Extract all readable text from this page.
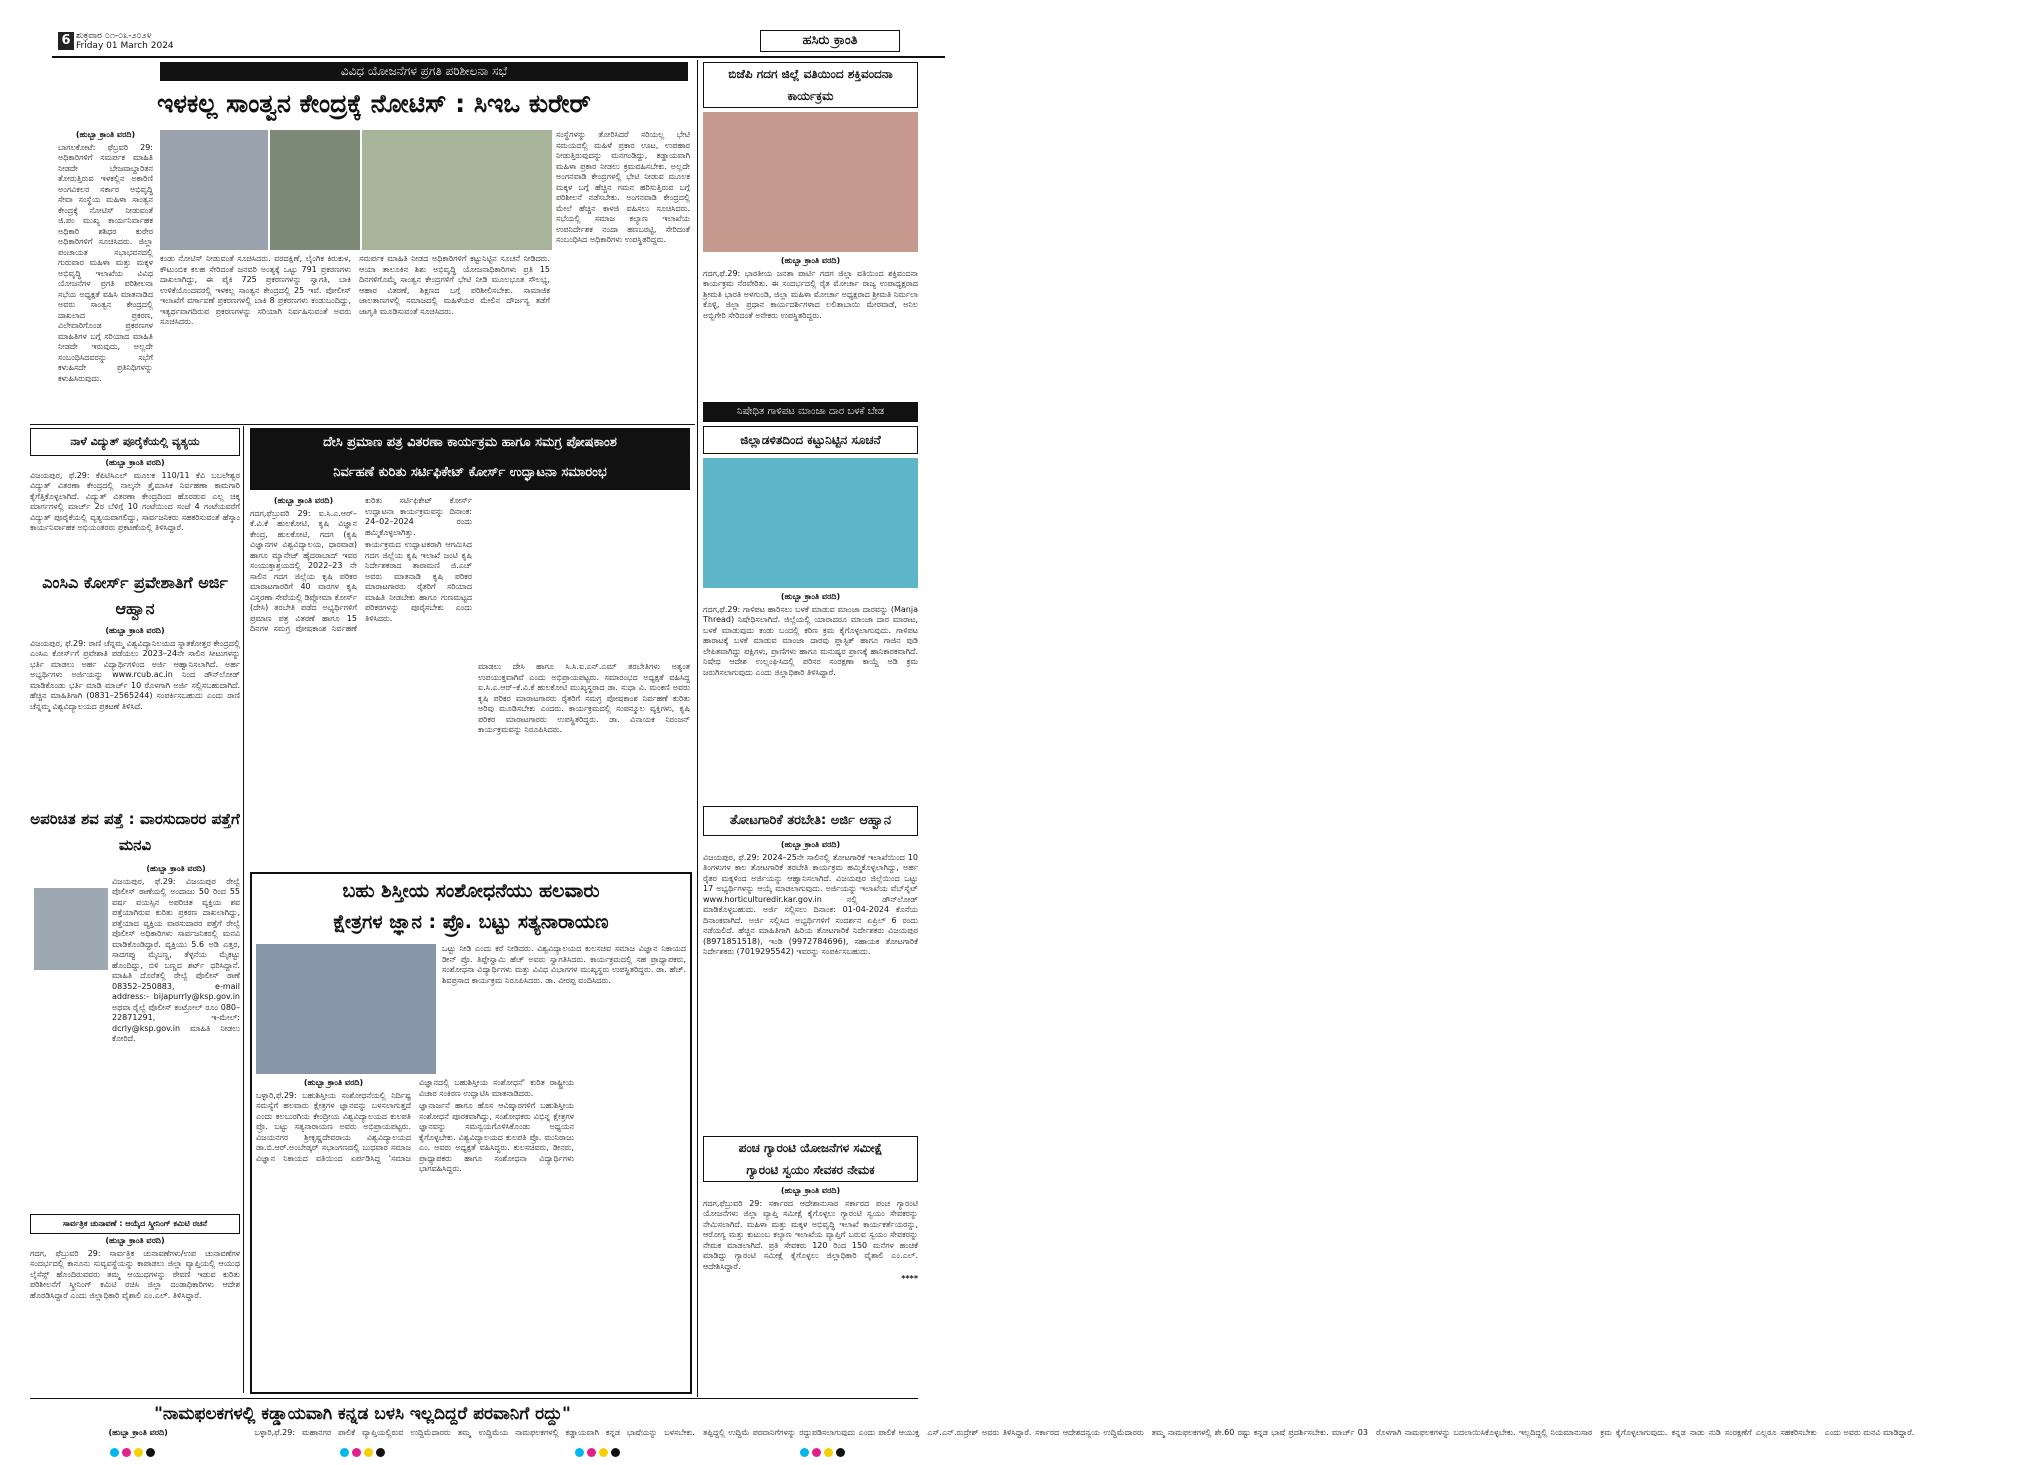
6 ಶುಕ್ರವಾರ ೦೧-೦೩-೨೦೨೪
Friday 01 March 2024	ಹಸಿರು ಕ್ರಾಂತಿ
ವಿವಿಧ ಯೋಜನೆಗಳ ಪ್ರಗತಿ ಪರಿಶೀಲನಾ ಸಭೆ
ಇಳಕಲ್ಲ ಸಾಂತ್ವನ ಕೇಂದ್ರಕ್ಕೆ ನೋಟಿಸ್ : ಸಿಇಒ ಕುರೇರ್
(ಹುಬ್ಬಾ ಕ್ರಾಂತಿ ವರದಿ)

ಬಾಗಲಕೋಟೆ: ಫೆಬ್ರವರಿ 29: ಅಧಿಕಾರಿಗಳಿಗೆ ಸಮರ್ಪಕ ಮಾಹಿತಿ ನೀಡದೇ ಬೇಜವಾಬ್ದಾರಿತನ ತೋರುತ್ತಿರುವ ಇಳಕಲ್ಲಿನ ಅಕಾರಿಣಿ ಅಂಗವಿಕಲರ ಸರ್ಕಾರ ಅಭಿವೃದ್ಧಿ ಸೇವಾ ಸಂಸ್ಥೆಯ ಮಹಿಳಾ ಸಾಂತ್ವನ ಕೇಂದ್ರಕ್ಕೆ ನೋಟಿಸ್ ನೀಡುವಂತೆ ಜಿ.ಪಂ ಮುಖ್ಯ ಕಾರ್ಯನಿರ್ವಾಹಕ ಅಧಿಕಾರಿ ಶಶಿಧರ ಕುರೇರ ಅಧಿಕಾರಿಗಳಿಗೆ ಸೂಚಿಸಿದರು. ಜಿಲ್ಲಾ ಪಂಚಾಯತ ಸಭಾಭವನದಲ್ಲಿ ಗುರುವಾರ ಮಹಿಳಾ ಮತ್ತು ಮಕ್ಕಳ ಅಭಿವೃದ್ಧಿ ಇಲಾಖೆಯ ವಿವಿಧ ಯೋಜನೆಗಳ ಪ್ರಗತಿ ಪರಿಶೀಲನಾ ಸಭೆಯ ಅಧ್ಯಕ್ಷತೆ ವಹಿಸಿ ಮಾತನಾಡಿದ ಅವರು ಸಾಂತ್ವನ ಕೇಂದ್ರದಲ್ಲಿ ದಾಖಲಾದ ಪ್ರಕರಣ, ವಿಲೇವಾರಿಗೊಂಡ ಪ್ರಕರಣಗಳ ಮಾಹಿತಿಗಳ ಬಗ್ಗೆ ಸರಿಯಾದ ಮಾಹಿತಿ ನೀಡದೇ ಇರುವುದು, ಅಲ್ಲದೇ ಸಂಬಂಧಿಸಿದವರನ್ನು ಸಭೆಗೆ ಕಳುಹಿಸದೇ ಪ್ರತಿನಿಧಿಗಳನ್ನು ಕಳುಹಿಸಿರುವುದು.

ಕಂಡು ನೋಟಿಸ್ ನೀಡುವಂತೆ ಸೂಚಿಸಿದರು. ವರದಕ್ಷಿಣೆ, ಲೈಂಗಿಕ ಕಿರುಕುಳ, ಕೌಟುಂಬಿಕ ಕಲಹ ಸೇರಿದಂತೆ ಜನವರಿ ಅಂತ್ಯಕ್ಕೆ ಒಟ್ಟು 791 ಪ್ರಕರಣಗಳು ದಾಖಲಾಗಿದ್ದು, ಈ ಪೈಕಿ 725 ಪ್ರಕರಣಗಳನ್ನು ಸ್ವಾಗತಿ, ಬಾಕಿ ಉಳಿಕೆಯೊಂದವರಲ್ಲಿ ಇಳಕಲ್ಲ ಸಾಂತ್ವನ ಕೇಂದ್ರದಲ್ಲಿ 25 ಇವೆ. ಪೋಲೀಸ್ ಇಲಾಖೆಗೆ ವರ್ಗಾವಣೆ ಪ್ರಕರಣಗಳಲ್ಲಿ ಬಾಕಿ 8 ಪ್ರಕರಣಗಳು ಕಂಡುಬಂದಿದ್ದು, ಇತ್ಯರ್ಥವಾಗದಿರುವ ಪ್ರಕರಣಗಳನ್ನು ಸರಿಯಾಗಿ ನಿರ್ವಹಿಸುವಂತೆ ಅವರು ಸೂಚಿಸಿದರು.

ಸಮರ್ಪಕ ಮಾಹಿತಿ ನೀಡದ ಅಧಿಕಾರಿಗಳಿಗೆ ಕಟ್ಟುನಿಟ್ಟಿನ ಸೂಚನೆ ನೀಡಿದರು. ಆಯಾ ತಾಲೂಕಿನ ಶಿಶು ಅಭಿವೃದ್ಧಿ ಯೋಜನಾಧಿಕಾರಿಗಳು ಪ್ರತಿ 15 ದಿನಗಳಿಗೊಮ್ಮೆ ಸಾಂತ್ವನ ಕೇಂದ್ರಗಳಿಗೆ ಭೇಟಿ ನೀಡಿ ಮೂಲಭೂತ ಸೌಲಭ್ಯ, ಆಹಾರ ವಿತರಣೆ, ಶಿಕ್ಷಣದ ಬಗ್ಗೆ ಪರಿಶೀಲಿಸಬೇಕು. ಸಾಮಾಜಿಕ ಜಾಲತಾಣಗಳಲ್ಲಿ ಸಮಾಜದಲ್ಲಿ ಮಹಿಳೆಯರ ಮೇಲಿನ ದೌರ್ಜನ್ಯ ತಡೆಗೆ ಜಾಗೃತಿ ಮೂಡಿಸುವಂತೆ ಸೂಚಿಸಿದರು.

ಸಂಸ್ಥೆಗಳನ್ನು ತೋರಿಸಿದರೆ ಸರಿಯಲ್ಲ ಭೇಟಿ ಸಮಯದಲ್ಲಿ ಮಹಿಳೆ ಪ್ರಕಾರ ಊಟ, ಉಪಹಾರ ನೀಡುತ್ತಿರುವುದನ್ನು ಮನಗಂಡಿದ್ದು, ಕಡ್ಡಾಯವಾಗಿ ಮಹಿಳಾ ಪ್ರಕಾರ ನೀಡಲು ಕ್ರಮವಹಿಸಬೇಕು. ಅಲ್ಲದೇ ಅಂಗನವಾಡಿ ಕೇಂದ್ರಗಳಲ್ಲಿ ಭೇಟಿ ನೀಡುವ ಮೂಲಕ ಮಕ್ಕಳ ಬಗ್ಗೆ ಹೆಚ್ಚಿನ ಗಮನ ಹರಿಸುತ್ತಿರುವ ಬಗ್ಗೆ ಪರಿಶೀಲನೆ ನಡೆಸಬೇಕು. ಅಂಗನವಾಡಿ ಕೇಂದ್ರದಲ್ಲಿ ಮೇಲೆ ಹೆಚ್ಚಿನ ಕಾಳಜಿ ವಹಿಸಲು ಸೂಚಿಸಿದರು. ಸಭೆಯಲ್ಲಿ ಸಮಾಜ ಕಲ್ಯಾಣ ಇಲಾಖೆಯ ಉಪನಿರ್ದೇಶಕ ನಂದಾ ಹಣಬರಟ್ಟಿ, ಸೇರಿದಂತೆ ಸಂಬಂಧಿಸಿದ ಅಧಿಕಾರಿಗಳು ಉಪಸ್ಥಿತರಿದ್ದರು.

ಬಿಜೆಪಿ ಗದಗ ಜಿಲ್ಲೆ ವತಿಯಿಂದ ಶಕ್ತಿವಂದನಾ ಕಾರ್ಯಕ್ರಮ
(ಹುಬ್ಬಾ ಕ್ರಾಂತಿ ವರದಿ)

ಗದಗ,ಫೆ.29: ಭಾರತೀಯ ಜನತಾ ಪಾರ್ಟಿ ಗದಗ ಜಿಲ್ಲಾ ವತಿಯಿಂದ ಶಕ್ತಿವಂದನಾ ಕಾರ್ಯಕ್ರಮ ನೆರವೇರಿತು. ಈ ಸಂದರ್ಭದಲ್ಲಿ ರೈತ ಮೋರ್ಚಾ ರಾಜ್ಯ ಉಪಾಧ್ಯಕ್ಷರಾದ ಶ್ರೀಮತಿ ಭಾರತಿ ಅಳಗುಂಡಿ, ಜಿಲ್ಲಾ ಮಹಿಳಾ ಮೋರ್ಚಾ ಅಧ್ಯಕ್ಷರಾದ ಶ್ರೀಮತಿ ನಿರ್ಮಲಾ ಕೊಳ್ಳಿ, ಜಿಲ್ಲಾ ಪ್ರಧಾನ ಕಾರ್ಯದರ್ಶಿಗಳಾದ ಲಲಿತಾಬಾಯಿ ಮೇರವಾಡೆ, ಅನಿಲ ಅಬ್ಬಿಗೇರಿ ಸೇರಿದಂತೆ ಅನೇಕರು ಉಪಸ್ಥಿತರಿದ್ದರು.

ನಿಷೇಧಿತ ಗಾಳಿಪಟ ಮಾಂಜಾ ದಾರ ಬಳಕೆ ಬೇಡ
ಜಿಲ್ಲಾಡಳಿತದಿಂದ ಕಟ್ಟುನಿಟ್ಟಿನ ಸೂಚನೆ
(ಹುಬ್ಬಾ ಕ್ರಾಂತಿ ವರದಿ)

ಗದಗ,ಫೆ.29: ಗಾಳಿಪಟ ಹಾರಿಸಲು ಬಳಕೆ ಮಾಡುವ ಮಾಂಜಾ ದಾರವನ್ನು (Manja Thread) ನಿಷೇಧಿಸಲಾಗಿದೆ. ಜಿಲ್ಲೆಯಲ್ಲಿ ಯಾರಾದರೂ ಮಾಂಜಾ ದಾರ ಮಾರಾಟ, ಬಳಕೆ ಮಾಡುವುದು ಕಂಡು ಬಂದಲ್ಲಿ ಕಠಿಣ ಕ್ರಮ ಕೈಗೊಳ್ಳಲಾಗುವುದು. ಗಾಳಿಪಟ ಹಾರಾಟಕ್ಕೆ ಬಳಕೆ ಮಾಡುವ ಮಾಂಜಾ ದಾರವು ಪ್ಲಾಸ್ಟಿಕ್ ಹಾಗೂ ಗಾಜಿನ ಪುಡಿ ಲೇಪಿತವಾಗಿದ್ದು ಪಕ್ಷಿಗಳು, ಪ್ರಾಣಿಗಳು ಹಾಗೂ ಮನುಷ್ಯರ ಪ್ರಾಣಕ್ಕೆ ಹಾನಿಕಾರಕವಾಗಿದೆ. ನಿಷೇಧ ಆದೇಶ ಉಲ್ಲಂಘಿಸಿದಲ್ಲಿ ಪರಿಸರ ಸಂರಕ್ಷಣಾ ಕಾಯ್ದೆ ಅಡಿ ಕ್ರಮ ಜರುಗಿಸಲಾಗುವುದು ಎಂದು ಜಿಲ್ಲಾಧಿಕಾರಿ ತಿಳಿಸಿದ್ದಾರೆ.

ತೋಟಗಾರಿಕೆ ತರಬೇತಿ: ಅರ್ಜಿ ಆಹ್ವಾನ
(ಹುಬ್ಬಾ ಕ್ರಾಂತಿ ವರದಿ)

ವಿಜಯಪುರ, ಫೆ.29: 2024–25ನೇ ಸಾಲಿನಲ್ಲಿ ತೋಟಗಾರಿಕೆ ಇಲಾಖೆಯಿಂದ 10 ತಿಂಗಳುಗಳ ಕಾಲ ತೋಟಗಾರಿಕೆ ತರಬೇತಿ ಕಾರ್ಯಕ್ರಮ ಹಮ್ಮಿಕೊಳ್ಳಲಾಗಿದ್ದು, ಅರ್ಹ ರೈತರ ಮಕ್ಕಳಿಂದ ಅರ್ಜಿಯನ್ನು ಆಹ್ವಾನಿಸಲಾಗಿದೆ. ವಿಜಯಪುರ ಜಿಲ್ಲೆಯಿಂದ ಒಟ್ಟು 17 ಅಭ್ಯರ್ಥಿಗಳನ್ನು ಆಯ್ಕೆ ಮಾಡಲಾಗುವುದು. ಅರ್ಜಿಯನ್ನು ಇಲಾಖೆಯ ವೆಬ್‌ಸೈಟ್ www.horticulturedir.kar.gov.in ನಲ್ಲಿ ಡೌನ್‌ಲೋಡ್ ಮಾಡಿಕೊಳ್ಳಬಹುದು. ಅರ್ಜಿ ಸಲ್ಲಿಸಲು ದಿನಾಂಕ: 01-04-2024 ಕೊನೆಯ ದಿನಾಂಕವಾಗಿದೆ. ಅರ್ಜಿ ಸಲ್ಲಿಸಿದ ಅಭ್ಯರ್ಥಿಗಳಿಗೆ ಸಂದರ್ಶನ ಏಪ್ರಿಲ್ 6 ರಂದು ನಡೆಯಲಿದೆ. ಹೆಚ್ಚಿನ ಮಾಹಿತಿಗಾಗಿ ಹಿರಿಯ ತೋಟಗಾರಿಕೆ ನಿರ್ದೇಶಕರು ವಿಜಯಪುರ (8971851518), ಇಂಡಿ (9972784696), ಸಹಾಯಕ ತೋಟಗಾರಿಕೆ ನಿರ್ದೇಶಕರು (7019295542) ಇವರನ್ನು ಸಂಪರ್ಕಿಸಬಹುದು.

ಪಂಚ ಗ್ಯಾರಂಟಿ ಯೋಜನೆಗಳ ಸಮೀಕ್ಷೆ
ಗ್ಯಾರಂಟಿ ಸ್ವಯಂ ಸೇವಕರ ನೇಮಕ
(ಹುಬ್ಬಾ ಕ್ರಾಂತಿ ವರದಿ)

ಗದಗ,ಫೆಬ್ರುವರಿ 29: ಸರ್ಕಾರದ ಆದೇಶಾನುಸಾರ ಸರ್ಕಾರದ ಪಂಚ ಗ್ಯಾರಂಟಿ ಯೋಜನೆಗಳು ಜಿಲ್ಲಾ ವ್ಯಾಪ್ತಿ ಸಮೀಕ್ಷೆ ಕೈಗೊಳ್ಳಲು ಗ್ಯಾರಂಟಿ ಸ್ವಯಂ ಸೇವಕರನ್ನು ನೇಮಿಸಲಾಗಿದೆ. ಮಹಿಳಾ ಮತ್ತು ಮಕ್ಕಳ ಅಭಿವೃದ್ಧಿ ಇಲಾಖೆ ಕಾರ್ಯಕರ್ತೆಯರನ್ನು, ಆರೋಗ್ಯ ಮತ್ತು ಕುಟುಂಬ ಕಲ್ಯಾಣ ಇಲಾಖೆಯ ವ್ಯಾಪ್ತಿಗೆ ಬರುವ ಸ್ವಯಂ ಸೇವಕರನ್ನು ನೇಮಕ ಮಾಡಲಾಗಿದೆ. ಪ್ರತಿ ಸೇವಕರು 120 ರಿಂದ 150 ಮನೆಗಳ ಹಂಚಿಕೆ ಮಾಡಿದ್ದು ಗ್ಯಾರಂಟಿ ಸಮೀಕ್ಷೆ ಕೈಗೊಳ್ಳಲು ಜಿಲ್ಲಾಧಿಕಾರಿ ವೈಶಾಲಿ ಎಂ.ಎಲ್. ಆದೇಶಿಸಿದ್ದಾರೆ.

****
ನಾಳೆ ವಿದ್ಯುತ್ ಪೂರೈಕೆಯಲ್ಲಿ ವ್ಯತ್ಯಯ
(ಹುಬ್ಬಾ ಕ್ರಾಂತಿ ವರದಿ)

ವಿಜಯಪುರ, ಫೆ.29: ಕೆಪಿಟಿಸಿಎಲ್ ಮೂಲಕ 110/11 ಕೆವಿ ಬಬಲೇಶ್ವರ ವಿದ್ಯುತ್ ವಿತರಣಾ ಕೇಂದ್ರದಲ್ಲಿ ನಾಲ್ಕನೇ ತ್ರೈಮಾಸಿಕ ನಿರ್ವಹಣಾ ಕಾಮಗಾರಿ ಕೈಗೆತ್ತಿಕೊಳ್ಳಲಾಗಿದೆ. ವಿದ್ಯುತ್ ವಿತರಣಾ ಕೇಂದ್ರದಿಂದ ಹೊರಡುವ ಎಲ್ಲ ಚಿಕ್ಕ ಮಾರ್ಗಗಳಲ್ಲಿ ಮಾರ್ಚ್ 2ರ ಬೆಳಿಗ್ಗೆ 10 ಗಂಟೆಯಿಂದ ಸಂಜೆ 4 ಗಂಟೆಯವರೆಗೆ ವಿದ್ಯುತ್ ಪೂರೈಕೆಯಲ್ಲಿ ವ್ಯತ್ಯಯವಾಗಲಿದ್ದು, ಸಾರ್ವಜನಿಕರು ಸಹಕರಿಸುವಂತೆ ಹೆಸ್ಕಾಂ ಕಾರ್ಯನಿರ್ವಾಹಕ ಅಭಿಯಂತರರು ಪ್ರಕಟಣೆಯಲ್ಲಿ ತಿಳಿಸಿದ್ದಾರೆ.

ಎಂಸಿಎ ಕೋರ್ಸ್ ಪ್ರವೇಶಾತಿಗೆ ಅರ್ಜಿ ಆಹ್ವಾನ
(ಹುಬ್ಬಾ ಕ್ರಾಂತಿ ವರದಿ)

ವಿಜಯಪುರ, ಫೆ.29: ರಾಣಿ ಚೆನ್ನಮ್ಮ ವಿಶ್ವವಿದ್ಯಾನಿಲಯದ ಸ್ನಾತಕೋತ್ತರ ಕೇಂದ್ರದಲ್ಲಿ ಎಂಸಿಎ ಕೋರ್ಸ್‌ಗೆ ಪ್ರವೇಶಾತಿ ಪಡೆಯಲು 2023–24ನೇ ಸಾಲಿನ ಸೀಟುಗಳನ್ನು ಭರ್ತಿ ಮಾಡಲು ಅರ್ಹ ವಿದ್ಯಾರ್ಥಿಗಳಿಂದ ಅರ್ಜಿ ಆಹ್ವಾನಿಸಲಾಗಿದೆ. ಅರ್ಹ ಅಭ್ಯರ್ಥಿಗಳು ಅರ್ಜಿಯನ್ನು www.rcub.ac.in ನಿಂದ ಡೌನ್‌ಲೋಡ್ ಮಾಡಿಕೊಂಡು ಭರ್ತಿ ಮಾಡಿ ಮಾರ್ಚ್ 10 ರೊಳಗಾಗಿ ಅರ್ಜಿ ಸಲ್ಲಿಸಬಹುದಾಗಿದೆ. ಹೆಚ್ಚಿನ ಮಾಹಿತಿಗಾಗಿ (0831–2565244) ಸಂಪರ್ಕಿಸಬಹುದು ಎಂದು ರಾಣಿ ಚೆನ್ನಮ್ಮ ವಿಶ್ವವಿದ್ಯಾಲಯದ ಪ್ರಕಟಣೆ ತಿಳಿಸಿದೆ.

ಅಪರಿಚಿತ ಶವ ಪತ್ತೆ : ವಾರಸುದಾರರ ಪತ್ತೆಗೆ ಮನವಿ
(ಹುಬ್ಬಾ ಕ್ರಾಂತಿ ವರದಿ)

ವಿಜಯಪುರ, ಫೆ.29: ವಿಜಯಪುರ ರೇಲ್ವೆ ಪೊಲೀಸ್ ಠಾಣೆಯಲ್ಲಿ ಅಂದಾಜು 50 ರಿಂದ 55 ವರ್ಷ ವಯಸ್ಸಿನ ಅಪರಿಚಿತ ವ್ಯಕ್ತಿಯ ಶವ ಪತ್ತೆಯಾಗಿರುವ ಕುರಿತು ಪ್ರಕರಣ ದಾಖಲಾಗಿದ್ದು, ಪತ್ತೆಯಾದ ವ್ಯಕ್ತಿಯ ವಾರಸುದಾರರ ಪತ್ತೆಗೆ ರೇಲ್ವೆ ಪೊಲೀಸ್ ಅಧಿಕಾರಿಗಳು ಸಾರ್ವಜನಿಕರಲ್ಲಿ ಮನವಿ ಮಾಡಿಕೊಂಡಿದ್ದಾರೆ. ವ್ಯಕ್ತಿಯು 5.6 ಅಡಿ ಎತ್ತರ, ಸಾದಗಪ್ಪು ಮೈಬಣ್ಣ, ತೆಳ್ಳನೆಯ ಮೈಕಟ್ಟು ಹೊಂದಿದ್ದು, ಬಿಳಿ ಬಣ್ಣದ ಶರ್ಟ್ ಧರಿಸಿದ್ದಾನೆ. ಮಾಹಿತಿ ದೊರೆತಲ್ಲಿ ರೇಲ್ವೆ ಪೊಲೀಸ್ ಠಾಣೆ 08352–250883, e-mail address:- bijapurrly@ksp.gov.in ಅಥವಾ ರೈಲ್ವೆ ಪೊಲೀಸ್ ಕಂಟ್ರೋಲ್ ರೂಂ 080–22871291, ಇ-ಮೇಲ್: dcrly@ksp.gov.in ಮಾಹಿತಿ ನೀಡಲು ಕೋರಿದೆ.

ಸಾರ್ವತ್ರಿಕ ಚುನಾವಣೆ : ಆಯ್ಕೆದ ಸ್ಕ್ರೀನಿಂಗ್ ಕಮಿಟಿ ರಚನೆ
(ಹುಬ್ಬಾ ಕ್ರಾಂತಿ ವರದಿ)

ಗದಗ, ಫೆಬ್ರುವರಿ 29: ಸಾರ್ವತ್ರಿಕ ಚುನಾವಣೆಗಳು/ಉಪ ಚುನಾವಣೆಗಳ ಸಂದರ್ಭದಲ್ಲಿ ಕಾನೂನು ಸುವ್ಯವಸ್ಥೆಯನ್ನು ಕಾಪಾಡಲು ಜಿಲ್ಲಾ ವ್ಯಾಪ್ತಿಯಲ್ಲಿ ಆಯುಧ ಲೈಸೆನ್ಸ್ ಹೊಂದಿರುವವರು ತಮ್ಮ ಆಯುಧಗಳನ್ನು ಠೇವಣಿ ಇಡುವ ಕುರಿತು ಪರಿಶೀಲನೆಗೆ ಸ್ಕ್ರೀನಿಂಗ್ ಕಮಿಟಿ ರಚಿಸಿ ಜಿಲ್ಲಾ ದಂಡಾಧಿಕಾರಿಗಳು ಆದೇಶ ಹೊರಡಿಸಿದ್ದಾರೆ ಎಂದು ಜಿಲ್ಲಾಧಿಕಾರಿ ವೈಶಾಲಿ ಎಂ.ಎಲ್. ತಿಳಿಸಿದ್ದಾರೆ.

ದೇಸಿ ಪ್ರಮಾಣ ಪತ್ರ ವಿತರಣಾ ಕಾರ್ಯಕ್ರಮ ಹಾಗೂ ಸಮಗ್ರ ಪೋಷಕಾಂಶ
ನಿರ್ವಹಣೆ ಕುರಿತು ಸರ್ಟಿಫಿಕೇಟ್ ಕೋರ್ಸ್ ಉದ್ಘಾಟನಾ ಸಮಾರಂಭ
(ಹುಬ್ಬಾ ಕ್ರಾಂತಿ ವರದಿ)

ಗದಗ,ಫೆಬ್ರುವರಿ 29: ಐ.ಸಿ.ಎ.ಆರ್–ಕೆ.ವಿ.ಕೆ ಹುಲಕೋಟಿ, ಕೃಷಿ ವಿಜ್ಞಾನ ಕೇಂದ್ರ, ಹುಲಕೋಟಿ, ಗದಗ (ಕೃಷಿ ವಿಜ್ಞಾನಗಳ ವಿಶ್ವವಿದ್ಯಾಲಯ, ಧಾರವಾಡ) ಹಾಗೂ ಮ್ಯಾನೇಜ್ ಹೈದರಾಬಾದ್ ಇವರ ಸಂಯುಕ್ತಾಶ್ರಯದಲ್ಲಿ 2022–23 ನೇ ಸಾಲಿನ ಗದಗ ಜಿಲ್ಲೆಯ ಕೃಷಿ ಪರಿಕರ ಮಾರಾಟಗಾರರಿಗೆ 40 ವಾರಗಳ ಕೃಷಿ ವಿಸ್ತರಣಾ ಸೇವೆಯಲ್ಲಿ ಡಿಪ್ಲೋಮಾ ಕೋರ್ಸ್ (ದೇಸಿ) ತರಬೇತಿ ಪಡೆದ ಅಭ್ಯರ್ಥಿಗಳಿಗೆ ಪ್ರಮಾಣ ಪತ್ರ ವಿತರಣೆ ಹಾಗೂ 15 ದಿನಗಳ ಸಮಗ್ರ ಪೋಷಕಾಂಶ ನಿರ್ವಹಣೆ ಕುರಿತು ಸರ್ಟಿಫಿಕೇಟ್ ಕೋರ್ಸ್ ಉದ್ಘಾಟನಾ ಕಾರ್ಯಕ್ರಮವನ್ನು ದಿನಾಂಕ: 24–02–2024 ರಂದು ಹಮ್ಮಿಕೊಳ್ಳಲಾಗಿತ್ತು.

ಕಾರ್ಯಕ್ರಮದ ಉದ್ಘಾಟಕರಾಗಿ ಆಗಮಿಸಿದ ಗದಗ ಜಿಲ್ಲೆಯ ಕೃಷಿ ಇಲಾಖೆ ಜಂಟಿ ಕೃಷಿ ನಿರ್ದೇಶಕರಾದ ತಾರಾಮಣಿ ಜಿ.ಎಚ್ ಅವರು ಮಾತನಾಡಿ ಕೃಷಿ ಪರಿಕರ ಮಾರಾಟಗಾರರು ರೈತರಿಗೆ ಸರಿಯಾದ ಮಾಹಿತಿ ನೀಡಬೇಕು ಹಾಗೂ ಗುಣಮಟ್ಟದ ಪರಿಕರಗಳನ್ನು ಪೂರೈಸಬೇಕು ಎಂದು ತಿಳಿಸಿದರು.

ಮಾಡಲು ದೇಸಿ ಹಾಗೂ ಸಿ.ಸಿ.ಐ.ಎನ್.ಎಮ್ ತರಬೇತಿಗಳು ಅತ್ಯಂತ ಉಪಯುಕ್ತವಾಗಿವೆ ಎಂದು ಅಭಿಪ್ರಾಯಪಟ್ಟರು. ಸಮಾರಂಭದ ಅಧ್ಯಕ್ಷತೆ ವಹಿಸಿದ್ದ ಐ.ಸಿ.ಎ.ಆರ್–ಕೆ.ವಿ.ಕೆ ಹುಲಕೋಟಿ ಮುಖ್ಯಸ್ಥರಾದ ಡಾ. ಸುಧಾ ವಿ. ಮಂಕಣಿ ಅವರು ಕೃಷಿ ಪರಿಕರ ಮಾರಾಟಗಾರರು ರೈತರಿಗೆ ಸಮಗ್ರ ಪೋಷಕಾಂಶ ನಿರ್ವಹಣೆ ಕುರಿತು ಅರಿವು ಮೂಡಿಸಬೇಕು ಎಂದರು. ಕಾರ್ಯಕ್ರಮದಲ್ಲಿ ಸಂಪನ್ಮೂಲ ವ್ಯಕ್ತಿಗಳು, ಕೃಷಿ ಪರಿಕರ ಮಾರಾಟಗಾರರು ಉಪಸ್ಥಿತರಿದ್ದರು. ಡಾ. ವಿನಾಯಕ ನಿರಂಜನ್ ಕಾರ್ಯಕ್ರಮವನ್ನು ನಿರೂಪಿಸಿದರು.

ಬಹು ಶಿಸ್ತೀಯ ಸಂಶೋಧನೆಯು ಹಲವಾರು
ಕ್ಷೇತ್ರಗಳ ಜ್ಞಾನ : ಪ್ರೊ. ಬಟ್ಟು ಸತ್ಯನಾರಾಯಣ
(ಹುಬ್ಬಾ ಕ್ರಾಂತಿ ವರದಿ)

ಬಳ್ಳಾರಿ,ಫೆ.29: ಬಹುಶಿಸ್ತೀಯ ಸಂಶೋಧನೆಯಲ್ಲಿ ನಿರ್ದಿಷ್ಟ ಸಮಸ್ಯೆಗೆ ಹಲವಾರು ಕ್ಷೇತ್ರಗಳ ಜ್ಞಾನವನ್ನು ಬಳಸಲಾಗುತ್ತದೆ ಎಂದು ಕಲಬುರಗಿಯ ಕೇಂದ್ರೀಯ ವಿಶ್ವವಿದ್ಯಾಲಯದ ಕುಲಪತಿ ಪ್ರೊ. ಬಟ್ಟು ಸತ್ಯನಾರಾಯಣ ಅವರು ಅಭಿಪ್ರಾಯಪಟ್ಟರು. ವಿಜಯನಗರ ಶ್ರೀಕೃಷ್ಣದೇವರಾಯ ವಿಶ್ವವಿದ್ಯಾಲಯದ ಡಾ.ಬಿ.ಆರ್.ಅಂಬೇಡ್ಕರ್ ಸಭಾಂಗಣದಲ್ಲಿ ಬುಧವಾರ ಸಮಾಜ ವಿಜ್ಞಾನ ನಿಕಾಯದ ವತಿಯಿಂದ ಏರ್ಪಡಿಸಿದ್ದ 'ಸಮಾಜ ವಿಜ್ಞಾನದಲ್ಲಿ ಬಹುಶಿಸ್ತೀಯ ಸಂಶೋಧನೆ' ಕುರಿತ ರಾಷ್ಟ್ರೀಯ ವಿಚಾರ ಸಂಕಿರಣ ಉದ್ಘಾಟಿಸಿ ಮಾತನಾಡಿದರು.

ಜ್ಞಾನಾರ್ಜನೆ ಹಾಗೂ ಹೊಸ ಆವಿಷ್ಕಾರಗಳಿಗೆ ಬಹುಶಿಸ್ತೀಯ ಸಂಶೋಧನೆ ಪೂರಕವಾಗಿದ್ದು, ಸಂಶೋಧಕರು ವಿಭಿನ್ನ ಕ್ಷೇತ್ರಗಳ ಜ್ಞಾನವನ್ನು ಸಮನ್ವಯಗೊಳಿಸಿಕೊಂಡು ಅಧ್ಯಯನ ಕೈಗೊಳ್ಳಬೇಕು. ವಿಶ್ವವಿದ್ಯಾಲಯದ ಕುಲಪತಿ ಪ್ರೊ. ಮುನಿರಾಜು ಎಂ. ಅವರು ಅಧ್ಯಕ್ಷತೆ ವಹಿಸಿದ್ದರು. ಕುಲಸಚಿವರು, ಡೀನರು, ಪ್ರಾಧ್ಯಾಪಕರು ಹಾಗೂ ಸಂಶೋಧನಾ ವಿದ್ಯಾರ್ಥಿಗಳು ಭಾಗವಹಿಸಿದ್ದರು.

ಒಟ್ಟು ನೀಡಿ ಎಂದು ಕರೆ ನೀಡಿದರು. ವಿಶ್ವವಿದ್ಯಾಲಯದ ಕುಲಸಚಿವ ಸಮಾಜ ವಿಜ್ಞಾನ ನಿಕಾಯದ ಡೀನ್ ಪ್ರೊ. ತಿಪ್ಪೇಸ್ವಾಮಿ ಹೆಚ್ ಅವರು ಸ್ವಾಗತಿಸಿದರು. ಕಾರ್ಯಕ್ರಮದಲ್ಲಿ ಸಹ ಪ್ರಾಧ್ಯಾಪಕರು, ಸಂಶೋಧನಾ ವಿದ್ಯಾರ್ಥಿಗಳು ಮತ್ತು ವಿವಿಧ ವಿಭಾಗಗಳ ಮುಖ್ಯಸ್ಥರು ಉಪಸ್ಥಿತರಿದ್ದರು. ಡಾ. ಹೆಚ್. ಶಿವಪ್ರಸಾದ ಕಾರ್ಯಕ್ರಮ ನಿರೂಪಿಸಿದರು. ಡಾ. ವೀರಪ್ಪ ವಂದಿಸಿದರು.

"ನಾಮಫಲಕಗಳಲ್ಲಿ ಕಡ್ಡಾಯವಾಗಿ ಕನ್ನಡ ಬಳಸಿ ಇಲ್ಲದಿದ್ದರೆ ಪರವಾನಿಗೆ ರದ್ದು"
(ಹುಬ್ಬಾ ಕ್ರಾಂತಿ ವರದಿ)	ಬಳ್ಳಾರಿ,ಫೆ.29: ಮಹಾನಗರ ಪಾಲಿಕೆ ವ್ಯಾಪ್ತಿಯಲ್ಲಿರುವ ಉದ್ದಿಮೆದಾರರು ತಮ್ಮ ಉದ್ದಿಮೆಯ ನಾಮಫಲಕಗಳಲ್ಲಿ ಕಡ್ಡಾಯವಾಗಿ ಕನ್ನಡ ಭಾಷೆಯನ್ನು ಬಳಸಬೇಕು. ತಪ್ಪಿದ್ದಲ್ಲಿ ಉದ್ದಿಮೆ ಪರವಾನಿಗೆಗಳನ್ನು ರದ್ದುಪಡಿಸಲಾಗುವುದು ಎಂದು ಪಾಲಿಕೆ ಆಯುಕ್ತ ಎಸ್.ಎನ್.ರುದ್ರೇಶ್ ಅವರು ತಿಳಿಸಿದ್ದಾರೆ. ಸರ್ಕಾರದ ಆದೇಶದನ್ವಯ ಉದ್ದಿಮೆದಾರರು ತಮ್ಮ ನಾಮಫಲಕಗಳಲ್ಲಿ ಶೇ.60 ರಷ್ಟು ಕನ್ನಡ ಭಾಷೆ ಪ್ರದರ್ಶಿಸಬೇಕು. ಮಾರ್ಚ್ 03 ರೊಳಗಾಗಿ ನಾಮಫಲಕಗಳನ್ನು ಬದಲಾಯಿಸಿಕೊಳ್ಳಬೇಕು. ಇಲ್ಲದಿದ್ದಲ್ಲಿ ನಿಯಮಾನುಸಾರ ಕ್ರಮ ಕೈಗೊಳ್ಳಲಾಗುವುದು. ಕನ್ನಡ ನಾಡು ನುಡಿ ಸಂರಕ್ಷಣೆಗೆ ಎಲ್ಲರೂ ಸಹಕರಿಸಬೇಕು ಎಂದು ಅವರು ಮನವಿ ಮಾಡಿದ್ದಾರೆ.
